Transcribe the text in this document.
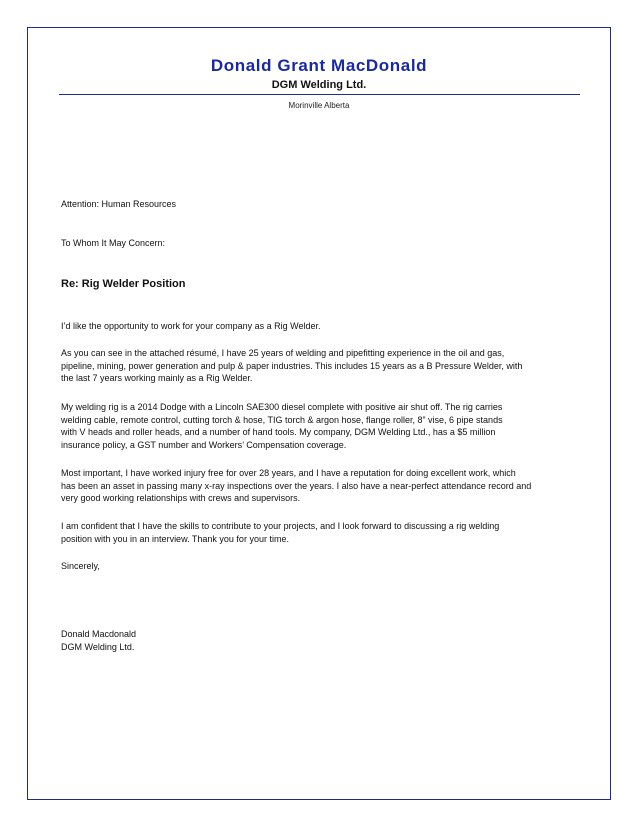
Donald Grant MacDonald
DGM Welding Ltd.
Morinville Alberta
Attention: Human Resources
To Whom It May Concern:
Re: Rig Welder Position
I’d like the opportunity to work for your company as a Rig Welder.
As you can see in the attached résumé, I have 25 years of welding and pipefitting experience in the oil and gas,
pipeline, mining, power generation and pulp & paper industries. This includes 15 years as a B Pressure Welder, with
the last 7 years working mainly as a Rig Welder.
My welding rig is a 2014 Dodge with a Lincoln SAE300 diesel complete with positive air shut off. The rig carries
welding cable, remote control, cutting torch & hose, TIG torch & argon hose, flange roller, 8” vise, 6 pipe stands
with V heads and roller heads, and a number of hand tools. My company, DGM Welding Ltd., has a $5 million
insurance policy, a GST number and Workers’ Compensation coverage.
Most important, I have worked injury free for over 28 years, and I have a reputation for doing excellent work, which
has been an asset in passing many x-ray inspections over the years. I also have a near-perfect attendance record and
very good working relationships with crews and supervisors.
I am confident that I have the skills to contribute to your projects, and I look forward to discussing a rig welding
position with you in an interview. Thank you for your time.
Sincerely,
Donald Macdonald
DGM Welding Ltd.
